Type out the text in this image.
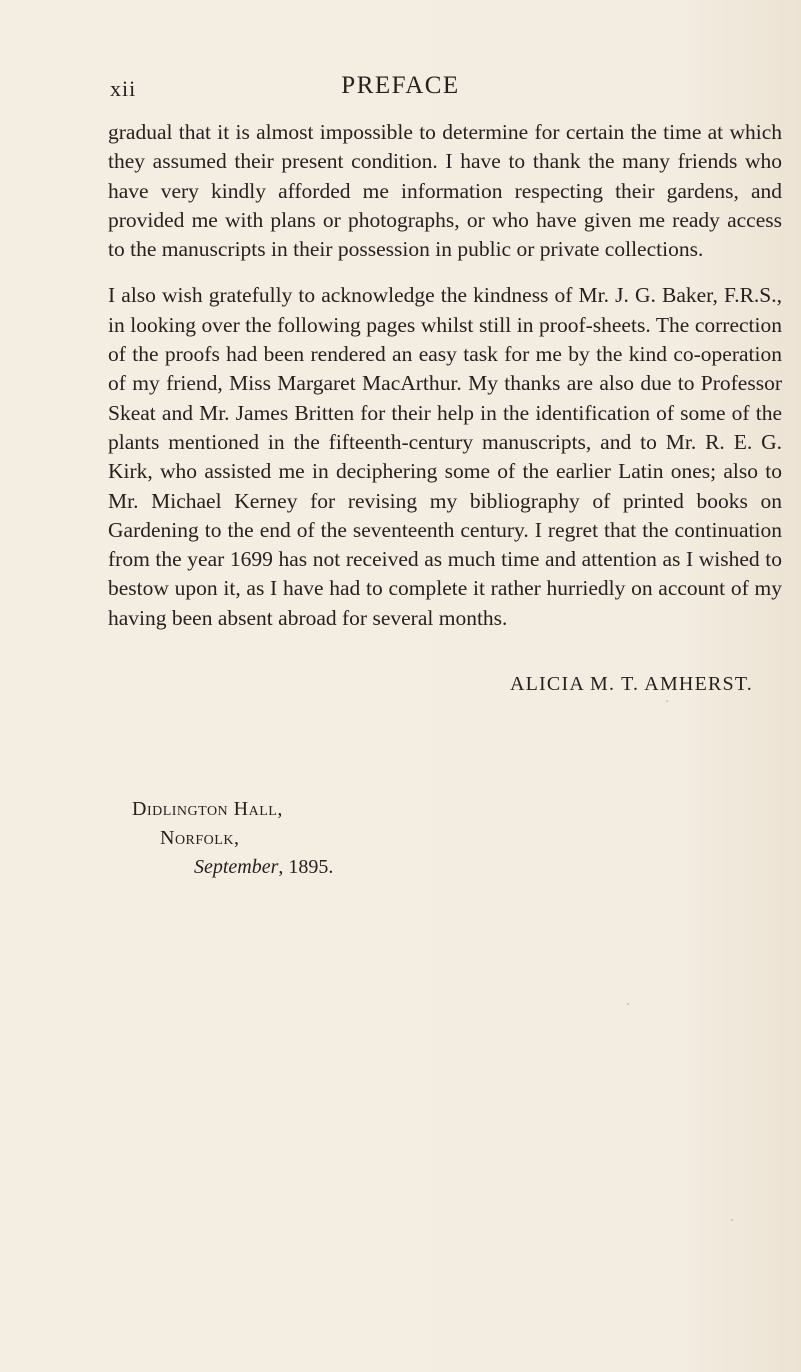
xii	PREFACE

gradual that it is almost impossible to determine for certain the time at which they assumed their present condition. I have to thank the many friends who have very kindly afforded me information respecting their gardens, and provided me with plans or photographs, or who have given me ready access to the manuscripts in their possession in public or private collections.

I also wish gratefully to acknowledge the kindness of Mr. J. G. Baker, F.R.S., in looking over the following pages whilst still in proof-sheets. The correction of the proofs had been rendered an easy task for me by the kind co-operation of my friend, Miss Margaret MacArthur. My thanks are also due to Professor Skeat and Mr. James Britten for their help in the identification of some of the plants mentioned in the fifteenth-century manuscripts, and to Mr. R. E. G. Kirk, who assisted me in deciphering some of the earlier Latin ones; also to Mr. Michael Kerney for revising my bibliography of printed books on Gardening to the end of the seventeenth century. I regret that the continuation from the year 1699 has not received as much time and attention as I wished to bestow upon it, as I have had to complete it rather hurriedly on account of my having been absent abroad for several months.

ALICIA M. T. AMHERST.
Didlington Hall,
Norfolk,
September, 1895.
